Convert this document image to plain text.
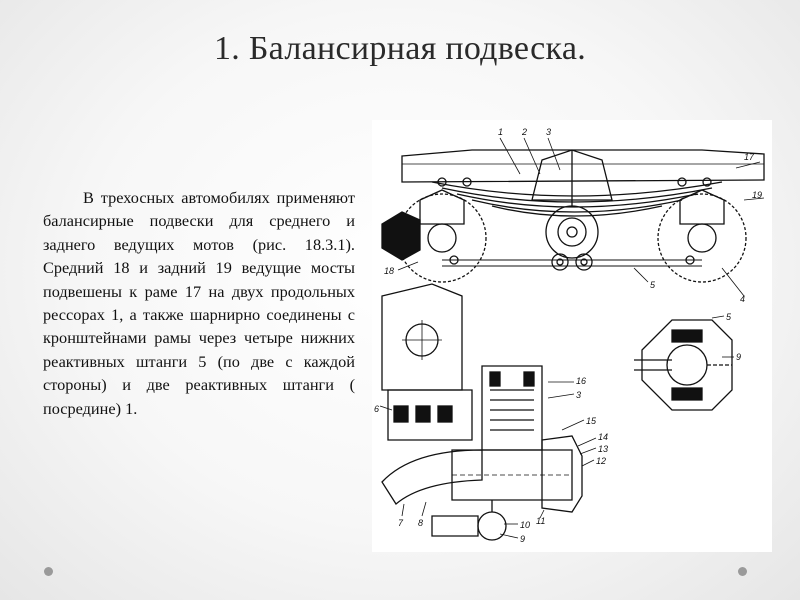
1. Балансирная подвеска.

В трехосных автомобилях применяют балансирные подвески для среднего и заднего ведущих мотов (рис. 18.3.1). Средний 18 и задний 19 ведущие мосты подвешены к раме 17 на двух продольных рессорах 1, а также шарнирно соединены с кронштейнами рамы через четыре нижних реактивных штанги 5 (по две с каждой стороны) и две реактивных штанги ( посредине) 1.

1 2 3
17
19
18
5
4
5
9
6
16
3
15
14
13
12
11
10
9
7 8
